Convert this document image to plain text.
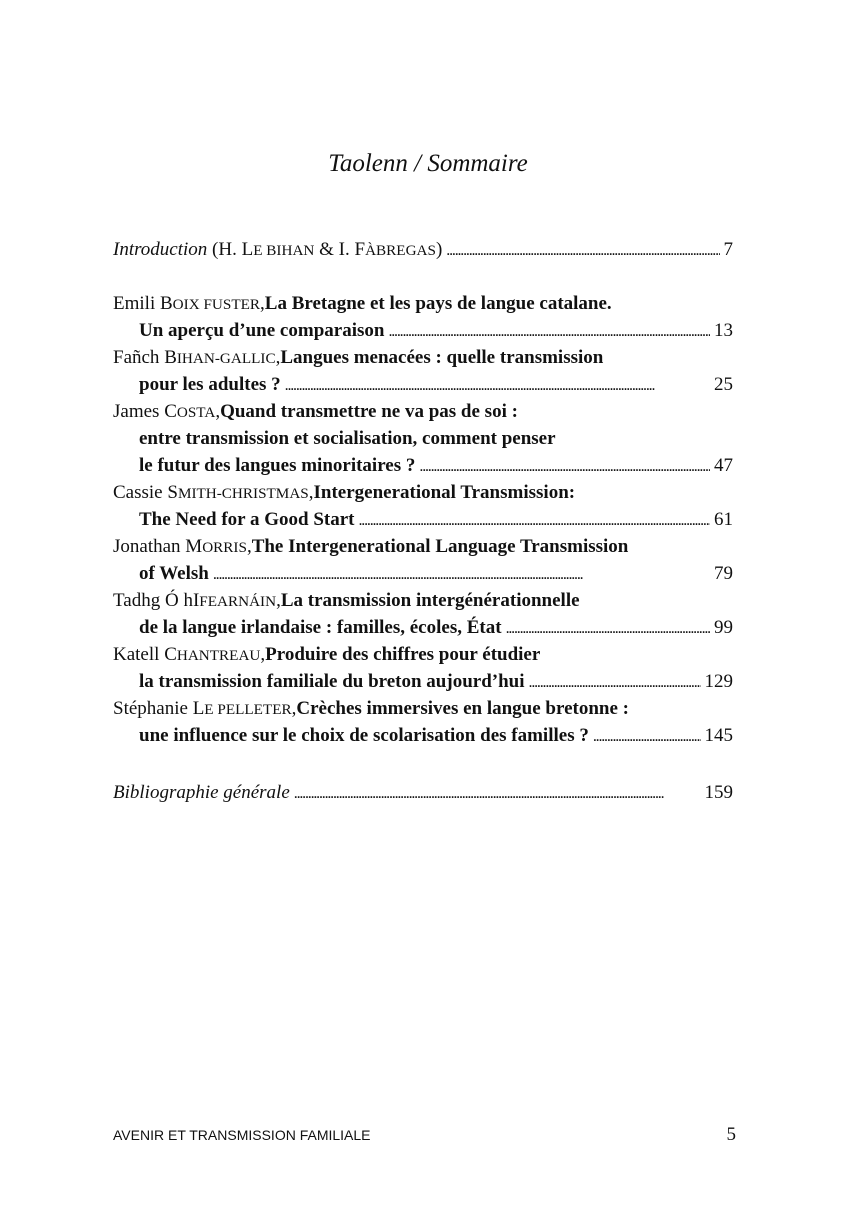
Taolenn / Sommaire
Introduction (H. LE BIHAN & I. FÀBREGAS) . . .	7
Emili BOIX FUSTER, La Bretagne et les pays de langue catalane.
Un aperçu d’une comparaison . . .	13
Fañch BIHAN-GALLIC, Langues menacées : quelle transmission
pour les adultes ? . . .	25
James COSTA, Quand transmettre ne va pas de soi :
entre transmission et socialisation, comment penser
le futur des langues minoritaires ? . . .	47
Cassie SMITH-CHRISTMAS, Intergenerational Transmission:
The Need for a Good Start . . .	61
Jonathan MORRIS, The Intergenerational Language Transmission
of Welsh . . .	79
Tadhg Ó hIFEARNÁIN, La transmission intergénérationnelle
de la langue irlandaise : familles, écoles, État . . .	99
Katell CHANTREAU, Produire des chiffres pour étudier
la transmission familiale du breton aujourd’hui . . .	129
Stéphanie LE PELLETER, Crèches immersives en langue bretonne :
une influence sur le choix de scolarisation des familles ? . . .	145
Bibliographie générale . . .	159
AVENIR ET TRANSMISSION FAMILIALE	5
